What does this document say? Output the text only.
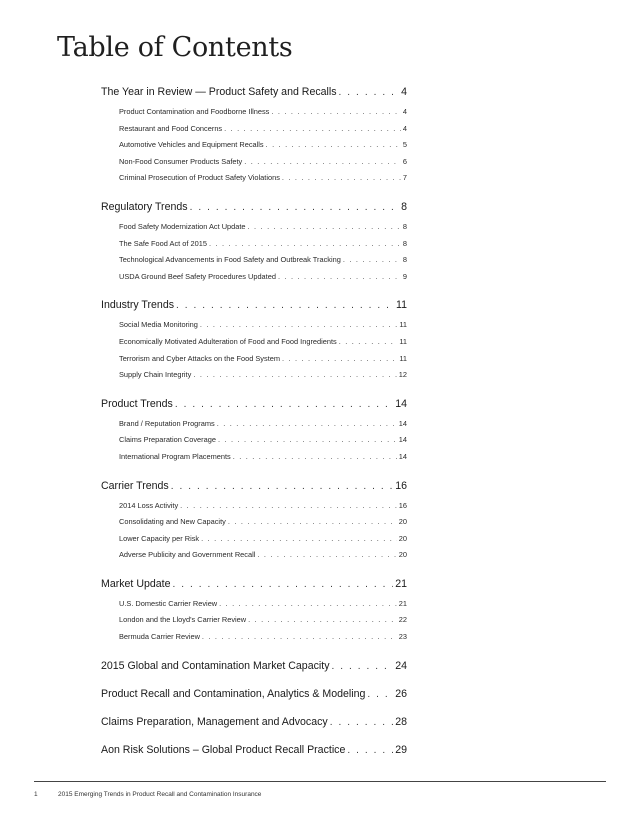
Table of Contents
The Year in Review — Product Safety and Recalls . . .	4
Product Contamination and Foodborne Illness . . .	4
Restaurant and Food Concerns . . .	4
Automotive Vehicles and Equipment Recalls . . .	5
Non-Food Consumer Products Safety . . .	6
Criminal Prosecution of Product Safety Violations . . .	7
Regulatory Trends . . .	8
Food Safety Modernization Act Update . . .	8
The Safe Food Act of 2015 . . .	8
Technological Advancements in Food Safety and Outbreak Tracking . . .	8
USDA Ground Beef Safety Procedures Updated . . .	9
Industry Trends . . .	11
Social Media Monitoring . . .	11
Economically Motivated Adulteration of Food and Food Ingredients . . .	11
Terrorism and Cyber Attacks on the Food System . . .	11
Supply Chain Integrity . . .	12
Product Trends . . .	14
Brand / Reputation Programs . . .	14
Claims Preparation Coverage . . .	14
International Program Placements . . .	14
Carrier Trends . . .	16
2014 Loss Activity . . .	16
Consolidating and New Capacity . . .	20
Lower Capacity per Risk . . .	20
Adverse Publicity and Government Recall . . .	20
Market Update . . .	21
U.S. Domestic Carrier Review . . .	21
London and the Lloyd's Carrier Review . . .	22
Bermuda Carrier Review . . .	23
2015 Global and Contamination Market Capacity . . .	24
Product Recall and Contamination, Analytics & Modeling . . .	26
Claims Preparation, Management and Advocacy . . .	28
Aon Risk Solutions – Global Product Recall Practice . . .	29
1	2015 Emerging Trends in Product Recall and Contamination Insurance
